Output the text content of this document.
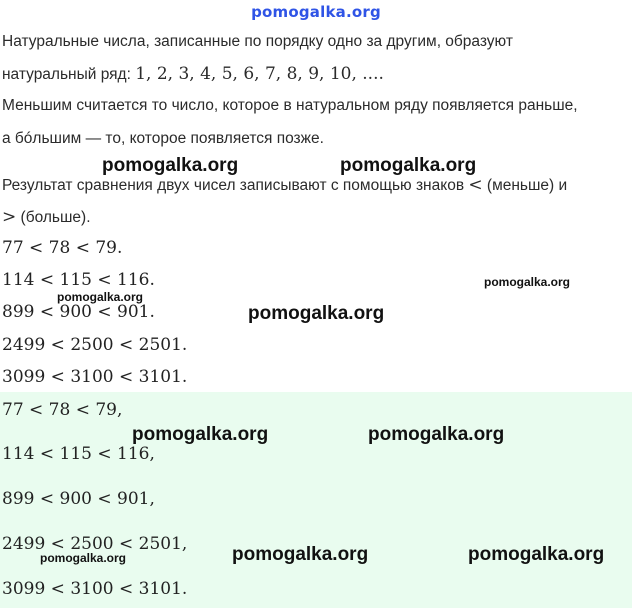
pomogalka.org
Натуральные числа, записанные по порядку одно за другим, образуют
натуральный ряд: 1, 2, 3, 4, 5, 6, 7, 8, 9, 10, ....
Меньшим считается то число, которое в натуральном ряду появляется раньше,
а бóльшим — то, которое появляется позже.
Результат сравнения двух чисел записывают с помощью знаков < (меньше) и
> (больше).
77 < 78 < 79.
114 < 115 < 116.
899 < 900 < 901.
2499 < 2500 < 2501.
3099 < 3100 < 3101.
77 < 78 < 79,
114 < 115 < 116,
899 < 900 < 901,
2499 < 2500 < 2501,
3099 < 3100 < 3101.
pomogalka.org	pomogalka.org
pomogalka.org
pomogalka.org
pomogalka.org
pomogalka.org	pomogalka.org
pomogalka.org	pomogalka.org
pomogalka.org
